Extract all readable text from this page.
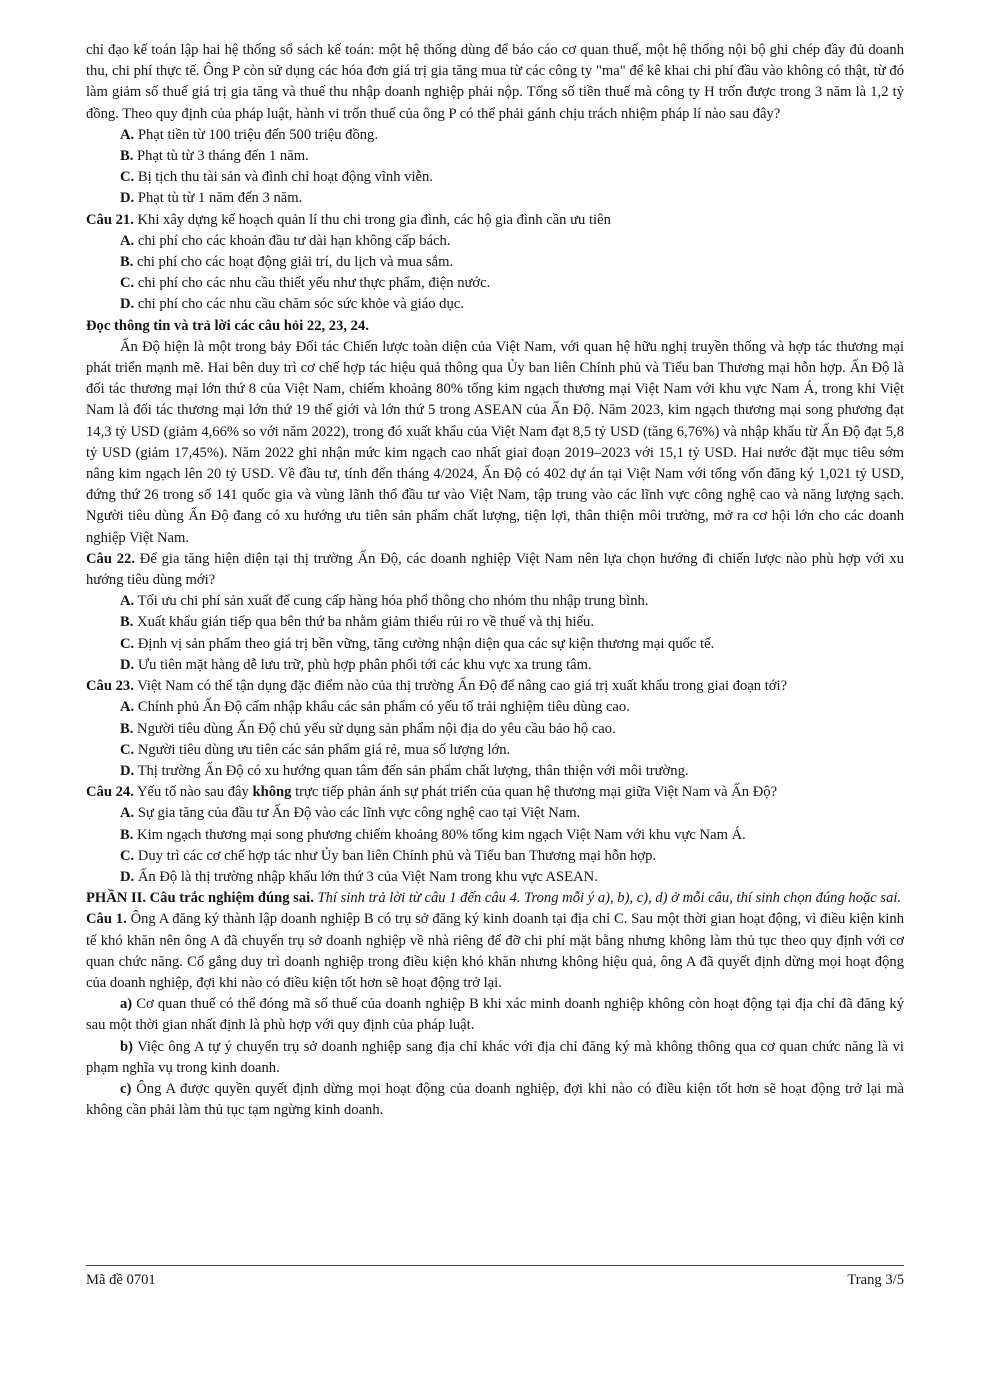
chỉ đạo kế toán lập hai hệ thống sổ sách kế toán: một hệ thống dùng để báo cáo cơ quan thuế, một hệ thống nội bộ ghi chép đầy đủ doanh thu, chi phí thực tế. Ông P còn sử dụng các hóa đơn giá trị gia tăng mua từ các công ty "ma" để kê khai chi phí đầu vào không có thật, từ đó làm giảm số thuế giá trị gia tăng và thuế thu nhập doanh nghiệp phải nộp. Tổng số tiền thuế mà công ty H trốn được trong 3 năm là 1,2 tỷ đồng. Theo quy định của pháp luật, hành vi trốn thuế của ông P có thể phải gánh chịu trách nhiệm pháp lí nào sau đây?

A. Phạt tiền từ 100 triệu đến 500 triệu đồng.

B. Phạt tù từ 3 tháng đến 1 năm.

C. Bị tịch thu tài sản và đình chỉ hoạt động vĩnh viễn.

D. Phạt tù từ 1 năm đến 3 năm.

Câu 21. Khi xây dựng kế hoạch quản lí thu chi trong gia đình, các hộ gia đình cần ưu tiên

A. chi phí cho các khoản đầu tư dài hạn không cấp bách.

B. chi phí cho các hoạt động giải trí, du lịch và mua sắm.

C. chi phí cho các nhu cầu thiết yếu như thực phẩm, điện nước.

D. chi phí cho các nhu cầu chăm sóc sức khỏe và giáo dục.

Đọc thông tin và trả lời các câu hỏi 22, 23, 24.

Ấn Độ hiện là một trong bảy Đối tác Chiến lược toàn diện của Việt Nam, với quan hệ hữu nghị truyền thống và hợp tác thương mại phát triển mạnh mẽ. Hai bên duy trì cơ chế hợp tác hiệu quả thông qua Ủy ban liên Chính phủ và Tiểu ban Thương mại hỗn hợp. Ấn Độ là đối tác thương mại lớn thứ 8 của Việt Nam, chiếm khoảng 80% tổng kim ngạch thương mại Việt Nam với khu vực Nam Á, trong khi Việt Nam là đối tác thương mại lớn thứ 19 thế giới và lớn thứ 5 trong ASEAN của Ấn Độ. Năm 2023, kim ngạch thương mại song phương đạt 14,3 tỷ USD (giảm 4,66% so với năm 2022), trong đó xuất khẩu của Việt Nam đạt 8,5 tỷ USD (tăng 6,76%) và nhập khẩu từ Ấn Độ đạt 5,8 tỷ USD (giảm 17,45%). Năm 2022 ghi nhận mức kim ngạch cao nhất giai đoạn 2019–2023 với 15,1 tỷ USD. Hai nước đặt mục tiêu sớm nâng kim ngạch lên 20 tỷ USD. Về đầu tư, tính đến tháng 4/2024, Ấn Độ có 402 dự án tại Việt Nam với tổng vốn đăng ký 1,021 tỷ USD, đứng thứ 26 trong số 141 quốc gia và vùng lãnh thổ đầu tư vào Việt Nam, tập trung vào các lĩnh vực công nghệ cao và năng lượng sạch. Người tiêu dùng Ấn Độ đang có xu hướng ưu tiên sản phẩm chất lượng, tiện lợi, thân thiện môi trường, mở ra cơ hội lớn cho các doanh nghiệp Việt Nam.

Câu 22. Để gia tăng hiện diện tại thị trường Ấn Độ, các doanh nghiệp Việt Nam nên lựa chọn hướng đi chiến lược nào phù hợp với xu hướng tiêu dùng mới?

A. Tối ưu chi phí sản xuất để cung cấp hàng hóa phổ thông cho nhóm thu nhập trung bình.

B. Xuất khẩu gián tiếp qua bên thứ ba nhằm giảm thiểu rủi ro về thuế và thị hiếu.

C. Định vị sản phẩm theo giá trị bền vững, tăng cường nhận diện qua các sự kiện thương mại quốc tế.

D. Ưu tiên mặt hàng dễ lưu trữ, phù hợp phân phối tới các khu vực xa trung tâm.

Câu 23. Việt Nam có thể tận dụng đặc điểm nào của thị trường Ấn Độ để nâng cao giá trị xuất khẩu trong giai đoạn tới?

A. Chính phủ Ấn Độ cấm nhập khẩu các sản phẩm có yếu tố trải nghiệm tiêu dùng cao.

B. Người tiêu dùng Ấn Độ chủ yếu sử dụng sản phẩm nội địa do yêu cầu bảo hộ cao.

C. Người tiêu dùng ưu tiên các sản phẩm giá rẻ, mua số lượng lớn.

D. Thị trường Ấn Độ có xu hướng quan tâm đến sản phẩm chất lượng, thân thiện với môi trường.

Câu 24. Yếu tố nào sau đây không trực tiếp phản ánh sự phát triển của quan hệ thương mại giữa Việt Nam và Ấn Độ?

A. Sự gia tăng của đầu tư Ấn Độ vào các lĩnh vực công nghệ cao tại Việt Nam.

B. Kim ngạch thương mại song phương chiếm khoảng 80% tổng kim ngạch Việt Nam với khu vực Nam Á.

C. Duy trì các cơ chế hợp tác như Ủy ban liên Chính phủ và Tiểu ban Thương mại hỗn hợp.

D. Ấn Độ là thị trường nhập khẩu lớn thứ 3 của Việt Nam trong khu vực ASEAN.

PHẦN II. Câu trắc nghiệm đúng sai. Thí sinh trả lời từ câu 1 đến câu 4. Trong mỗi ý a), b), c), d) ở mỗi câu, thí sinh chọn đúng hoặc sai.

Câu 1. Ông A đăng ký thành lập doanh nghiệp B có trụ sở đăng ký kinh doanh tại địa chỉ C. Sau một thời gian hoạt động, vì điều kiện kinh tế khó khăn nên ông A đã chuyển trụ sở doanh nghiệp về nhà riêng để đỡ chi phí mặt bằng nhưng không làm thủ tục theo quy định với cơ quan chức năng. Cố gắng duy trì doanh nghiệp trong điều kiện khó khăn nhưng không hiệu quả, ông A đã quyết định dừng mọi hoạt động của doanh nghiệp, đợi khi nào có điều kiện tốt hơn sẽ hoạt động trở lại.

a) Cơ quan thuế có thể đóng mã số thuế của doanh nghiệp B khi xác minh doanh nghiệp không còn hoạt động tại địa chỉ đã đăng ký sau một thời gian nhất định là phù hợp với quy định của pháp luật.

b) Việc ông A tự ý chuyển trụ sở doanh nghiệp sang địa chỉ khác với địa chỉ đăng ký mà không thông qua cơ quan chức năng là vi phạm nghĩa vụ trong kinh doanh.

c) Ông A được quyền quyết định dừng mọi hoạt động của doanh nghiệp, đợi khi nào có điều kiện tốt hơn sẽ hoạt động trở lại mà không cần phải làm thủ tục tạm ngừng kinh doanh.

Mã đề 0701	Trang 3/5
